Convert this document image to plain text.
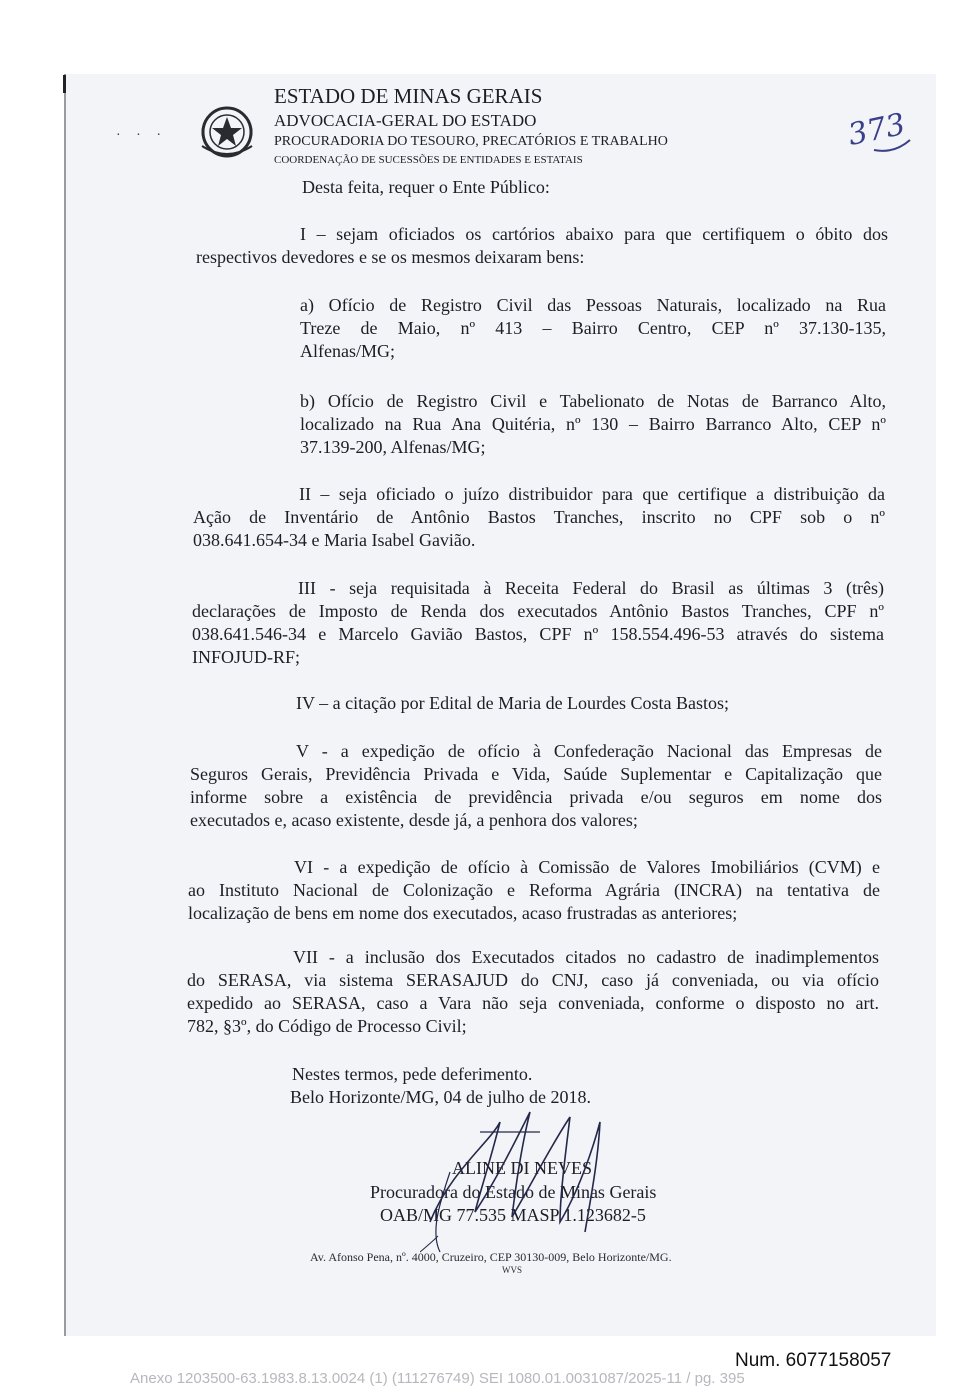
· · ·
ESTADO DE MINAS GERAIS
ADVOCACIA-GERAL DO ESTADO
PROCURADORIA DO TESOURO, PRECATÓRIOS E TRABALHO
COORDENAÇÃO DE SUCESSÕES DE ENTIDADES E ESTATAIS
373
Desta feita, requer o Ente Público:
I – sejam oficiados os cartórios abaixo para que certifiquem o óbito dos
respectivos devedores e se os mesmos deixaram bens:
a) Ofício de Registro Civil das Pessoas Naturais, localizado na Rua
Treze de Maio, nº 413 – Bairro Centro, CEP nº 37.130-135,
Alfenas/MG;
b) Ofício de Registro Civil e Tabelionato de Notas de Barranco Alto,
localizado na Rua Ana Quitéria, nº 130 – Bairro Barranco Alto, CEP nº
37.139-200, Alfenas/MG;
II – seja oficiado o juízo distribuidor para que certifique a distribuição da
Ação de Inventário de Antônio Bastos Tranches, inscrito no CPF sob o nº
038.641.654-34 e Maria Isabel Gavião.
III - seja requisitada à Receita Federal do Brasil as últimas 3 (três)
declarações de Imposto de Renda dos executados Antônio Bastos Tranches, CPF nº
038.641.546-34 e Marcelo Gavião Bastos, CPF nº 158.554.496-53 através do sistema
INFOJUD-RF;
IV – a citação por Edital de Maria de Lourdes Costa Bastos;
V - a expedição de ofício à Confederação Nacional das Empresas de
Seguros Gerais, Previdência Privada e Vida, Saúde Suplementar e Capitalização que
informe sobre a existência de previdência privada e/ou seguros em nome dos
executados e, acaso existente, desde já, a penhora dos valores;
VI - a expedição de ofício à Comissão de Valores Imobiliários (CVM) e
ao Instituto Nacional de Colonização e Reforma Agrária (INCRA) na tentativa de
localização de bens em nome dos executados, acaso frustradas as anteriores;
VII - a inclusão dos Executados citados no cadastro de inadimplementos
do SERASA, via sistema SERASAJUD do CNJ, caso já conveniada, ou via ofício
expedido ao SERASA, caso a Vara não seja conveniada, conforme o disposto no art.
782, §3º, do Código de Processo Civil;
Nestes termos, pede deferimento.
Belo Horizonte/MG, 04 de julho de 2018.
ALINE DI NEVES
Procuradora do Estado de Minas Gerais
OAB/MG 77.535 MASP 1.123682-5
Av. Afonso Pena, nº. 4000, Cruzeiro, CEP 30130-009, Belo Horizonte/MG.
WVS
Num. 6077158057
Anexo 1203500-63.1983.8.13.0024 (1) (111276749) SEI 1080.01.0031087/2025-11 / pg. 395
